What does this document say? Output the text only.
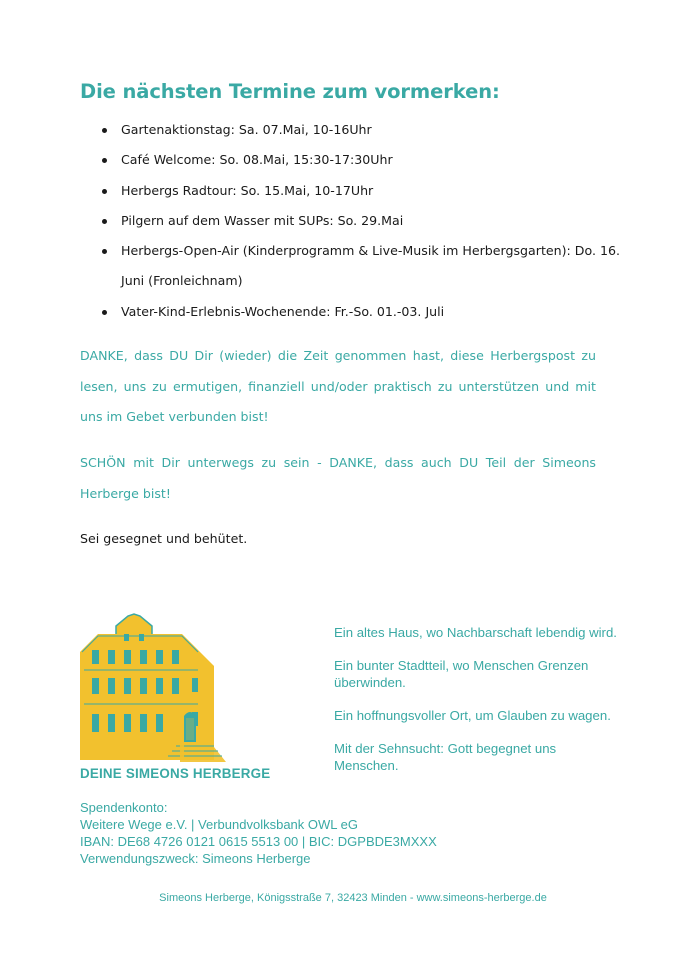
Die nächsten Termine zum vormerken:
Gartenaktionstag: Sa. 07.Mai, 10-16Uhr
Café Welcome: So. 08.Mai, 15:30-17:30Uhr
Herbergs Radtour: So. 15.Mai, 10-17Uhr
Pilgern auf dem Wasser mit SUPs: So. 29.Mai
Herbergs-Open-Air (Kinderprogramm & Live-Musik im Herbergsgarten): Do. 16. Juni (Fronleichnam)
Vater-Kind-Erlebnis-Wochenende: Fr.-So. 01.-03. Juli

DANKE, dass DU Dir (wieder) die Zeit genommen hast, diese Herbergspost zu lesen, uns zu ermutigen, finanziell und/oder praktisch zu unterstützen und mit uns im Gebet verbunden bist!

SCHÖN mit Dir unterwegs zu sein - DANKE, dass auch DU Teil der Simeons Herberge bist!

Sei gesegnet und behütet.

DEINE SIMEONS HERBERGE

Ein altes Haus, wo Nachbarschaft lebendig wird.

Ein bunter Stadtteil, wo Menschen Grenzen überwinden.

Ein hoffnungsvoller Ort, um Glauben zu wagen.

Mit der Sehnsucht: Gott begegnet uns Menschen.

Spendenkonto:
Weitere Wege e.V. | Verbundvolksbank OWL eG
IBAN: DE68 4726 0121 0615 5513 00 | BIC: DGPBDE3MXXX
Verwendungszweck: Simeons Herberge
Simeons Herberge, Königsstraße 7, 32423 Minden - www.simeons-herberge.de
